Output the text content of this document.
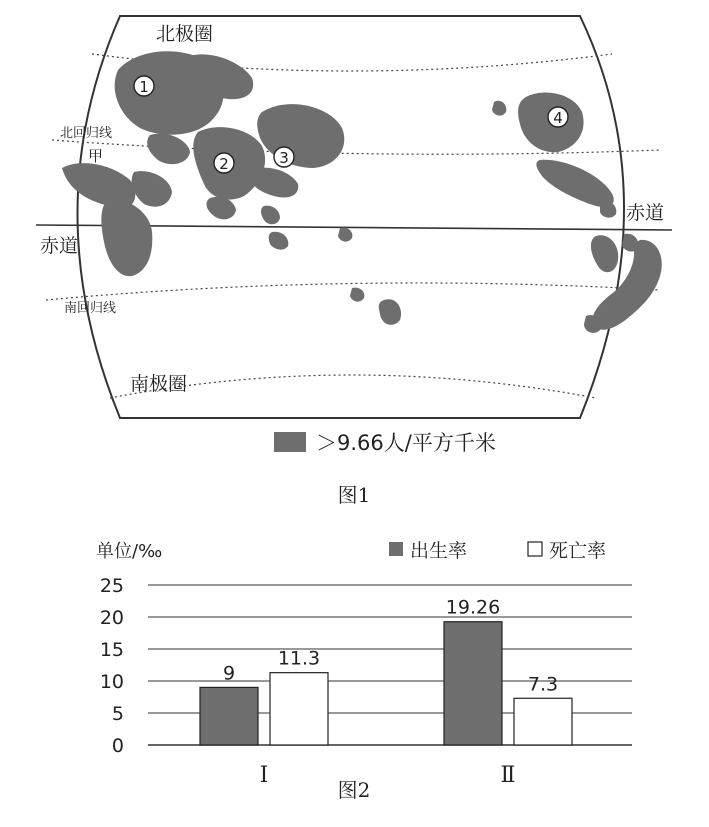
1
2	3
4
北极圈
北回归线
甲
赤道
赤道
南回归线
南极圈
＞9.66人/平方千米
图1
单位/‰	出生率	死亡率
0
5
10
15
20
25
9
11.3
Ⅰ
19.26
7.3
Ⅱ
图2
